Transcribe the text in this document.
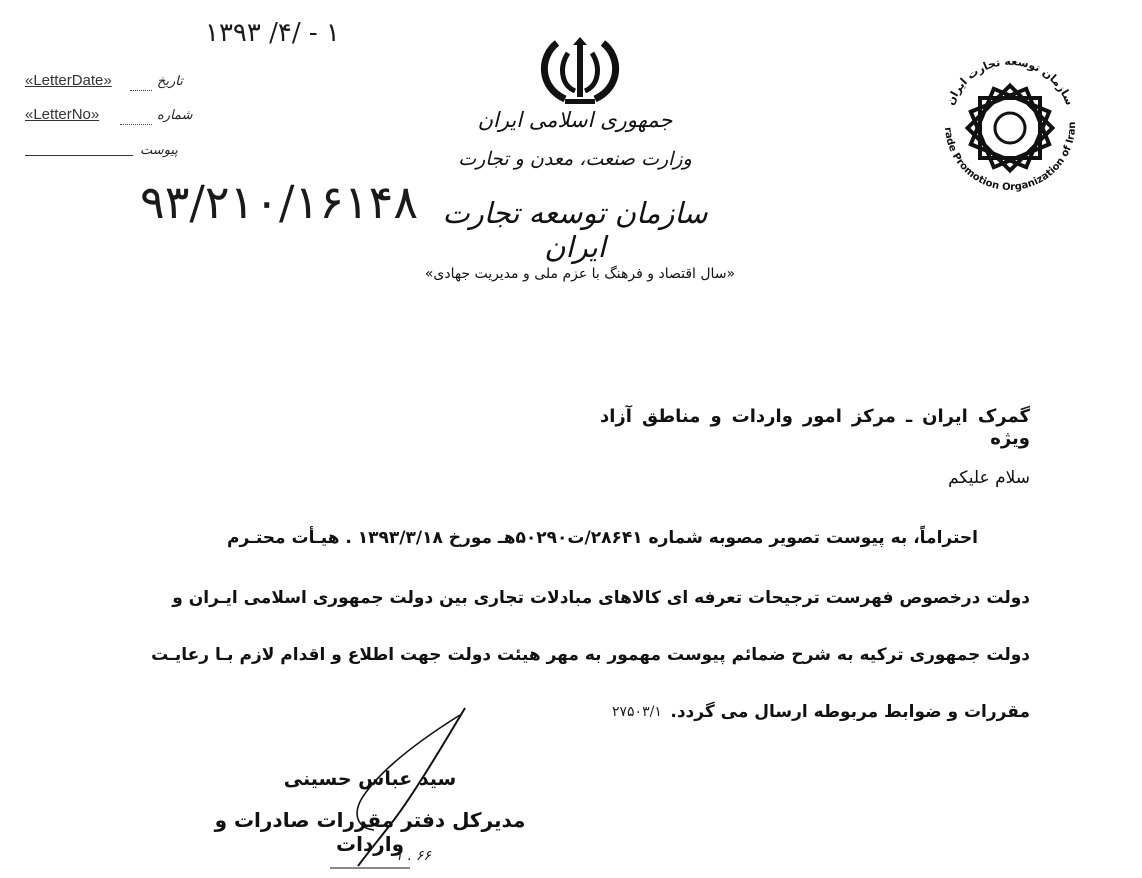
۱۳۹۳ /۴/ - ۱
«LetterDate»	تاریخ
«LetterNo»	شماره
پیوست
۹۳/۲۱۰/۱۶۱۴۸
جمهوری اسلامی ایران
وزارت صنعت، معدن و تجارت
سازمان توسعه تجارت ایران
«سال اقتصاد و فرهنگ با عزم ملی و مدیریت جهادی»
سازمان توسعه تجارت ایران
rade Promotion Organization of Iran
گمرک ایران ـ مرکز امور واردات و مناطق آزاد ویژه
سلام علیکم
احتراماً، به پیوست تصویر مصوبه شماره ۲۸۶۴۱/ت۵۰۲۹۰هـ مورخ ۱۳۹۳/۳/۱۸ . هیـأت محتـرم
دولت درخصوص فهرست ترجیحات تعرفه ای کالاهای مبادلات تجاری بین دولت جمهوری اسلامی ایـران و
دولت جمهوری ترکیه به شرح ضمائم پیوست مهمور به مهر هیئت دولت جهت اطلاع و اقدام لازم بـا رعایـت
مقررات و ضوابط مربوطه ارسال می گردد.
۲۷۵۰۳/۱
سید عباس حسینی
مدیرکل دفتر مقررات صادرات و واردات
۱ . ۶۶
